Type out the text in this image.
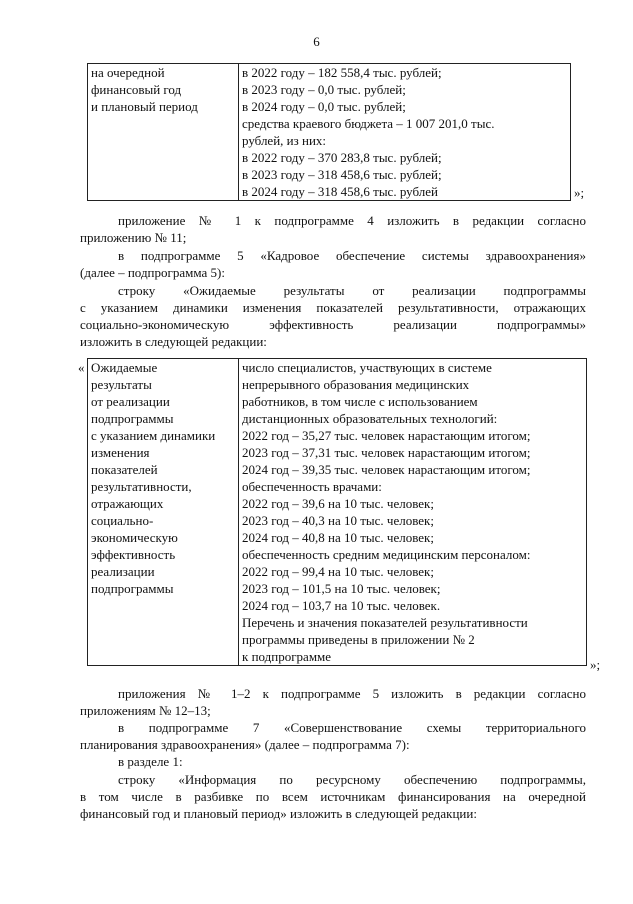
6
на очередной
финансовый год
и плановый период

в 2022 году – 182 558,4 тыс. рублей;
в 2023 году – 0,0 тыс. рублей;
в 2024 году – 0,0 тыс. рублей;
средства краевого бюджета – 1 007 201,0 тыс.
рублей, из них:
в 2022 году – 370 283,8 тыс. рублей;
в 2023 году – 318 458,6 тыс. рублей;
в 2024 году – 318 458,6 тыс. рублей	»;
приложение № 1 к подпрограмме 4 изложить в редакции согласно
приложению № 11;
в подпрограмме 5 «Кадровое обеспечение системы здравоохранения»
(далее – подпрограмма 5):
строку «Ожидаемые результаты от реализации подпрограммы
с указанием динамики изменения показателей результативности, отражающих
социально-экономическую эффективность реализации подпрограммы»
изложить в следующей редакции:
« Ожидаемые
результаты
от реализации
подпрограммы
с указанием динамики
изменения
показателей
результативности,
отражающих
социально-
экономическую
эффективность
реализации
подпрограммы

число специалистов, участвующих в системе
непрерывного образования медицинских
работников, в том числе с использованием
дистанционных образовательных технологий:
2022 год – 35,27 тыс. человек нарастающим итогом;
2023 год – 37,31 тыс. человек нарастающим итогом;
2024 год – 39,35 тыс. человек нарастающим итогом;
обеспеченность врачами:
2022 год – 39,6 на 10 тыс. человек;
2023 год – 40,3 на 10 тыс. человек;
2024 год – 40,8 на 10 тыс. человек;
обеспеченность средним медицинским персоналом:
2022 год – 99,4 на 10 тыс. человек;
2023 год – 101,5 на 10 тыс. человек;
2024 год – 103,7 на 10 тыс. человек.
Перечень и значения показателей результативности
программы приведены в приложении № 2
к подпрограмме
»;
приложения № 1–2 к подпрограмме 5 изложить в редакции согласно
приложениям № 12–13;
в подпрограмме 7 «Совершенствование схемы территориального
планирования здравоохранения» (далее – подпрограмма 7):
в разделе 1:
строку «Информация по ресурсному обеспечению подпрограммы,
в том числе в разбивке по всем источникам финансирования на очередной
финансовый год и плановый период» изложить в следующей редакции:
